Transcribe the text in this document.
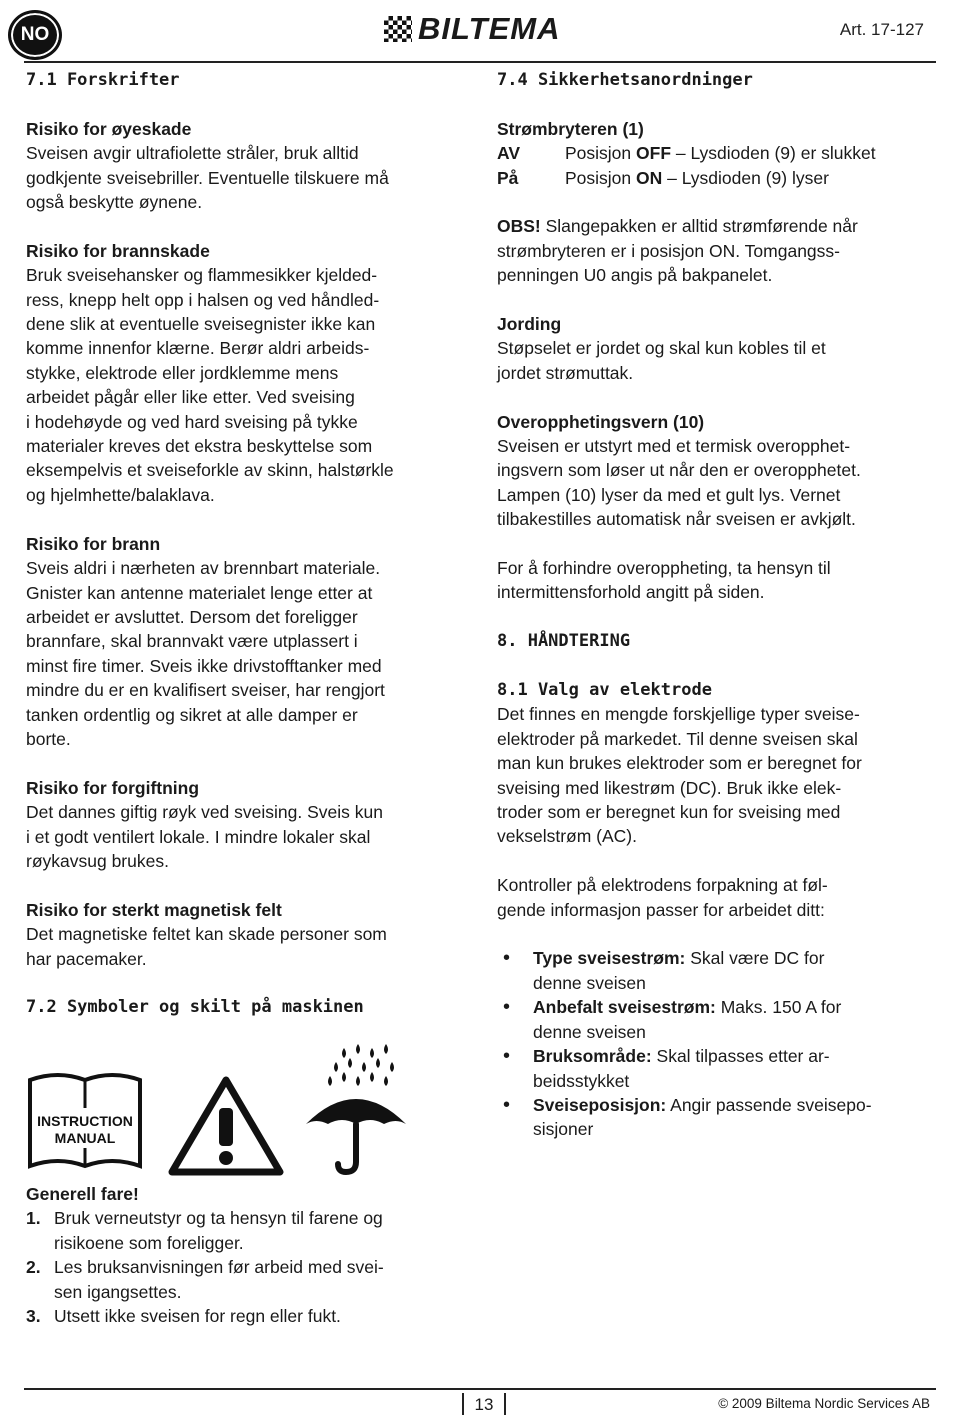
NO	BILTEMA	Art. 17-127
7.1 Forskrifter
Risiko for øyeskade
Sveisen avgir ultrafiolette stråler, bruk alltid
godkjente sveisebriller. Eventuelle tilskuere må
også beskytte øynene.
Risiko for brannskade
Bruk sveisehansker og flammesikker kjelded-
ress, knepp helt opp i halsen og ved håndled-
dene slik at eventuelle sveisegnister ikke kan
komme innenfor klærne. Berør aldri arbeids-
stykke, elektrode eller jordklemme mens
arbeidet pågår eller like etter. Ved sveising
i hodehøyde og ved hard sveising på tykke
materialer kreves det ekstra beskyttelse som
eksempelvis et sveiseforkle av skinn, halstørkle
og hjelmhette/balaklava.
Risiko for brann
Sveis aldri i nærheten av brennbart materiale.
Gnister kan antenne materialet lenge etter at
arbeidet er avsluttet. Dersom det foreligger
brannfare, skal brannvakt være utplassert i
minst fire timer. Sveis ikke drivstofftanker med
mindre du er en kvalifisert sveiser, har rengjort
tanken ordentlig og sikret at alle damper er
borte.
Risiko for forgiftning
Det dannes giftig røyk ved sveising. Sveis kun
i et godt ventilert lokale. I mindre lokaler skal
røykavsug brukes.
Risiko for sterkt magnetisk felt
Det magnetiske feltet kan skade personer som
har pacemaker.
7.2 Symboler og skilt på maskinen
INSTRUCTION
MANUAL
Generell fare!
1. Bruk verneutstyr og ta hensyn til farene og
risikoene som foreligger.
2. Les bruksanvisningen før arbeid med svei-
sen igangsettes.
3. Utsett ikke sveisen for regn eller fukt.
7.4 Sikkerhetsanordninger
Strømbryteren (1)
AV	Posisjon OFF – Lysdioden (9) er slukket
På	Posisjon ON – Lysdioden (9) lyser
OBS! Slangepakken er alltid strømførende når
strømbryteren er i posisjon ON. Tomgangss-
penningen U0 angis på bakpanelet.
Jording
Støpselet er jordet og skal kun kobles til et
jordet strømuttak.
Overopphetingsvern (10)
Sveisen er utstyrt med et termisk overopphet-
ingsvern som løser ut når den er overopphetet.
Lampen (10) lyser da med et gult lys. Vernet
tilbakestilles automatisk når sveisen er avkjølt.
For å forhindre overoppheting, ta hensyn til
intermittensforhold angitt på siden.
8. HÅNDTERING
8.1 Valg av elektrode
Det finnes en mengde forskjellige typer sveise-
elektroder på markedet. Til denne sveisen skal
man kun brukes elektroder som er beregnet for
sveising med likestrøm (DC). Bruk ikke elek-
troder som er beregnet kun for sveising med
vekselstrøm (AC).
Kontroller på elektrodens forpakning at føl-
gende informasjon passer for arbeidet ditt:
• Type sveisestrøm: Skal være DC for
denne sveisen
• Anbefalt sveisestrøm: Maks. 150 A for
denne sveisen
• Bruksområde: Skal tilpasses etter ar-
beidsstykket
• Sveiseposisjon: Angir passende sveisepo-
sisjoner
13	© 2009 Biltema Nordic Services AB
